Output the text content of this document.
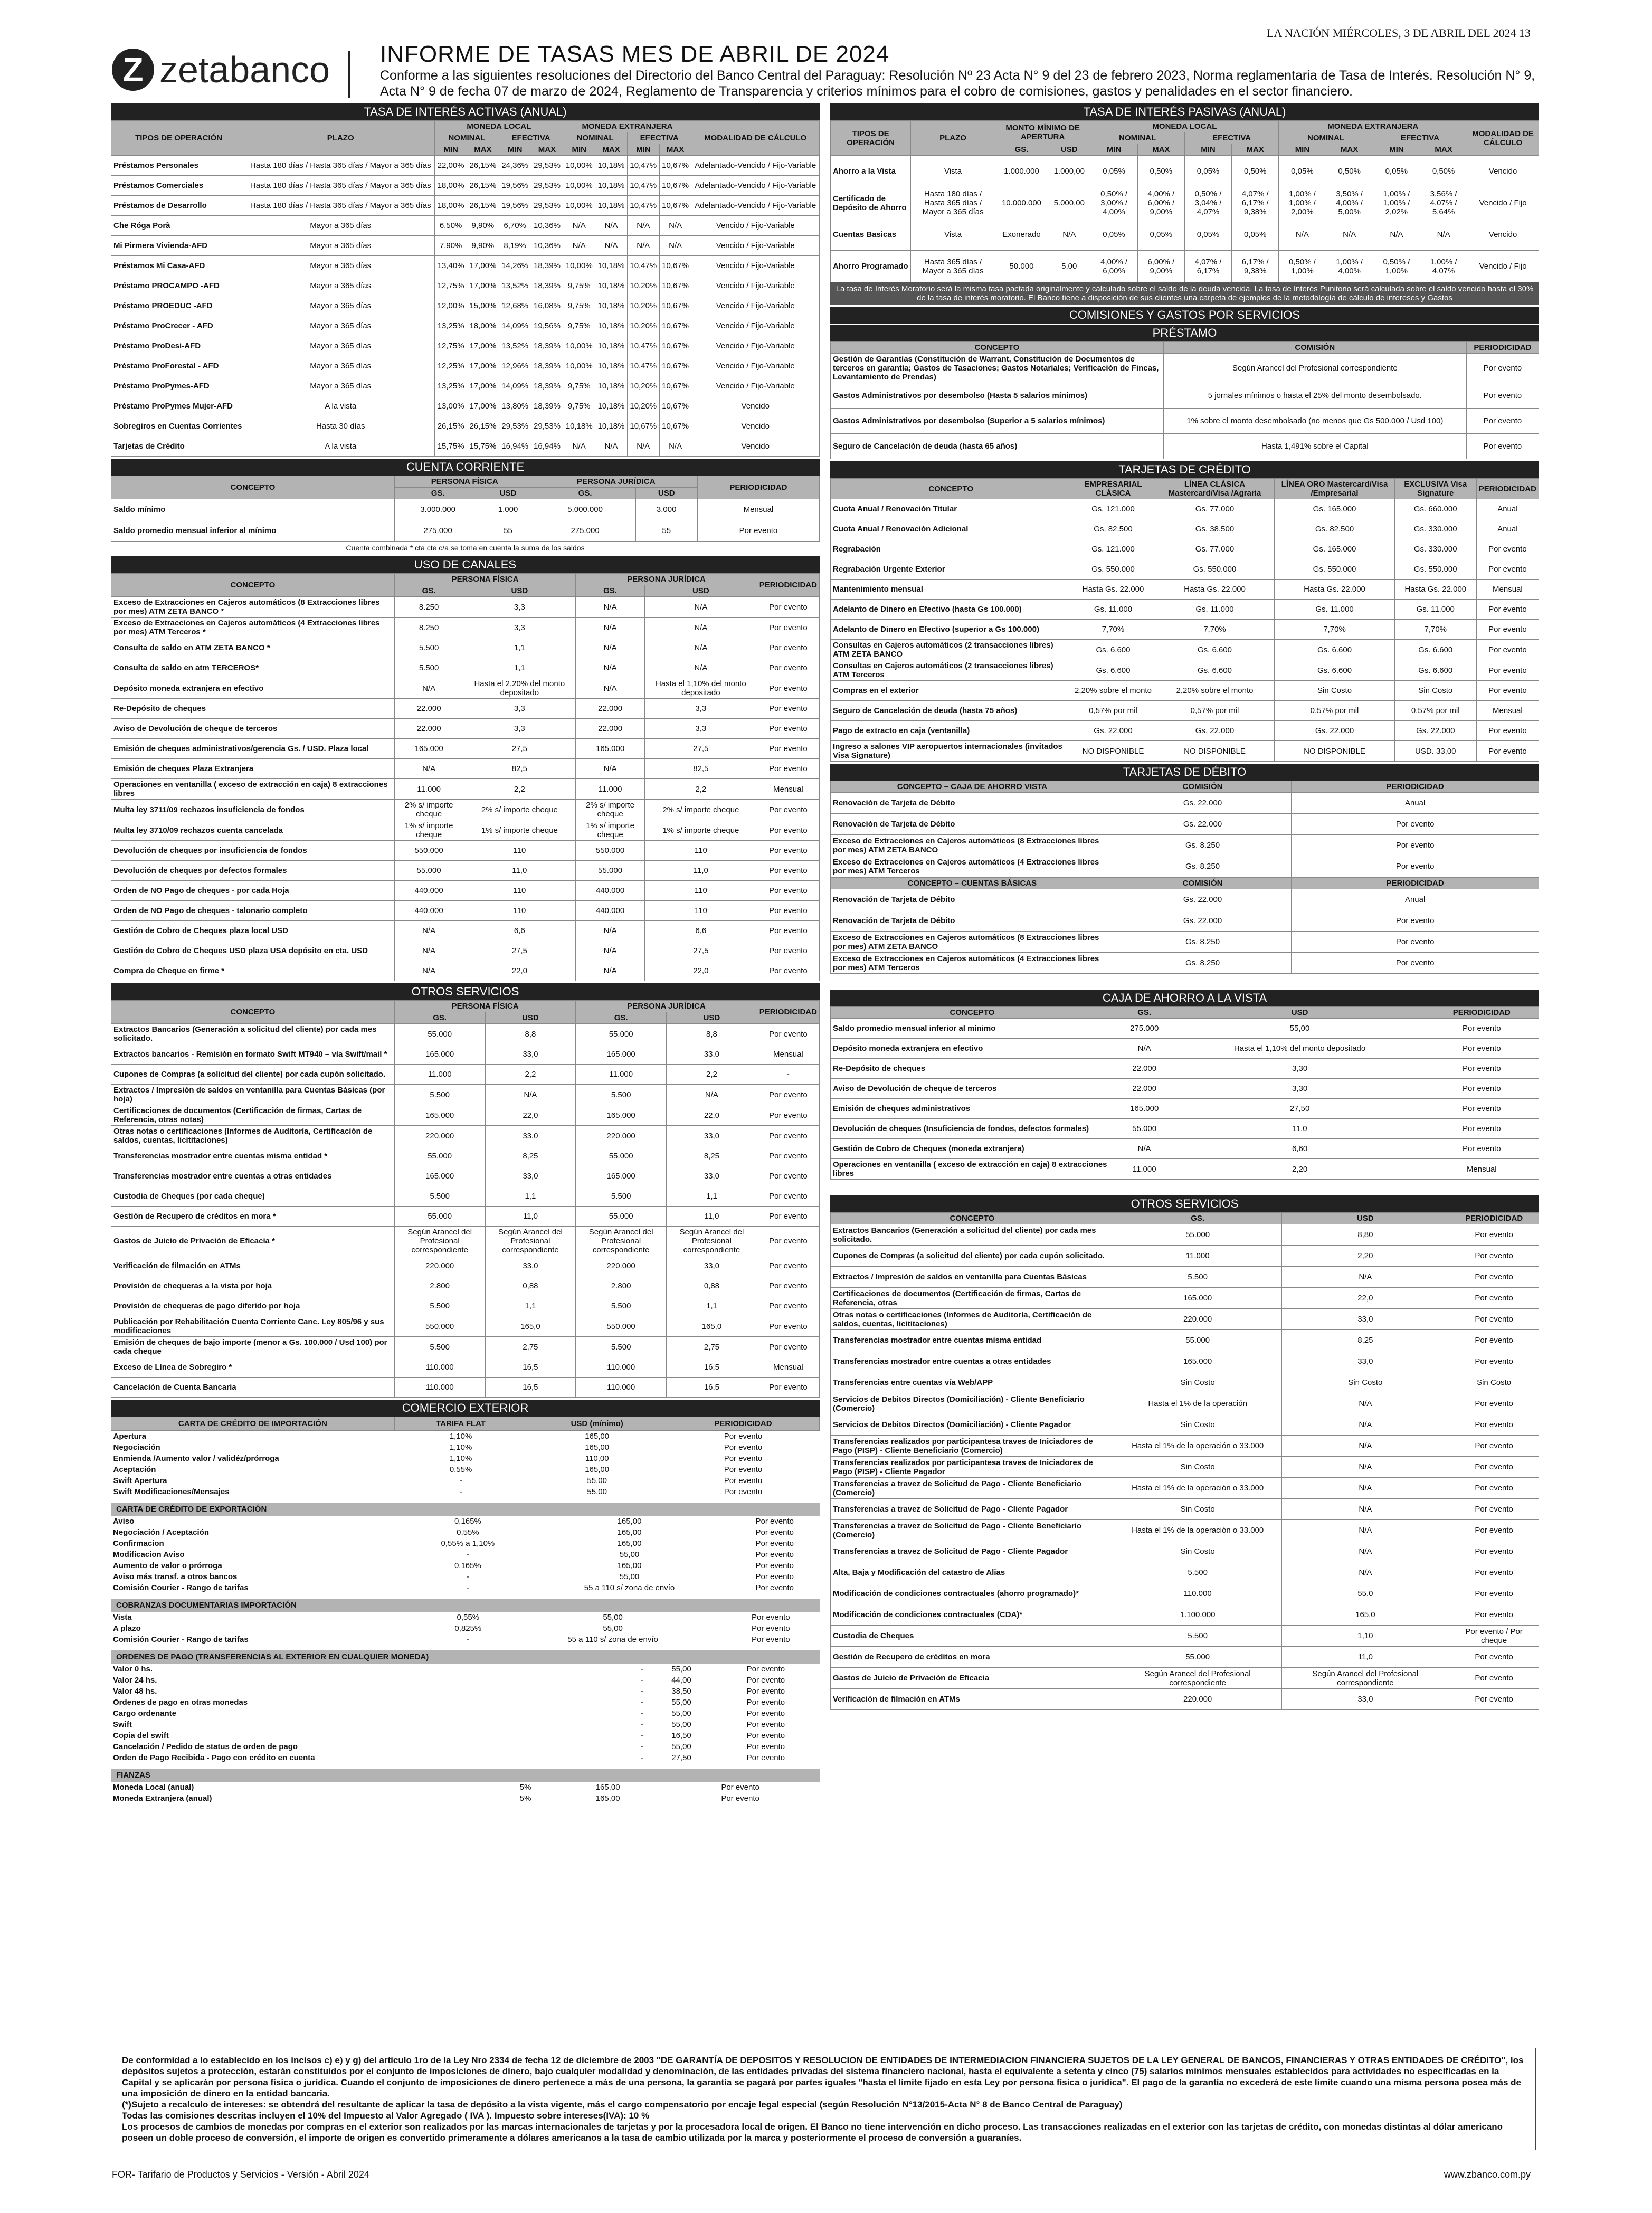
LA NACIÓN MIÉRCOLES, 3 DE ABRIL DEL 2024 13
Z zetabanco INFORME DE TASAS MES DE ABRIL DE 2024
Conforme a las siguientes resoluciones del Directorio del Banco Central del Paraguay: Resolución Nº 23 Acta N° 9 del 23 de febrero 2023, Norma reglamentaria de Tasa de Interés. Resolución N° 9, Acta N° 9 de fecha 07 de marzo de 2024, Reglamento de Transparencia y criterios mínimos para el cobro de comisiones, gastos y penalidades en el sector financiero.
TASA DE INTERÉS ACTIVAS (ANUAL)
TIPOS DE OPERACIÓN	PLAZO	MONEDA LOCAL				MONEDA EXTRANJERA				MODALIDAD DE CÁLCULO
		NOMINAL		EFECTIVA		NOMINAL		EFECTIVA		
		MIN	MAX	MIN	MAX	MIN	MAX	MIN	MAX	
Préstamos Personales	Hasta 180 días / Hasta 365 días / Mayor a 365 días	22,00%	26,15%	24,36%	29,53%	10,00%	10,18%	10,47%	10,67%	Adelantado-Vencido / Fijo-Variable
Préstamos Comerciales	Hasta 180 días / Hasta 365 días / Mayor a 365 días	18,00%	26,15%	19,56%	29,53%	10,00%	10,18%	10,47%	10,67%	Adelantado-Vencido / Fijo-Variable
Préstamos de Desarrollo	Hasta 180 días / Hasta 365 días / Mayor a 365 días	18,00%	26,15%	19,56%	29,53%	10,00%	10,18%	10,47%	10,67%	Adelantado-Vencido / Fijo-Variable
Che Róga Porã	Mayor a 365 días	6,50%	9,90%	6,70%	10,36%	N/A	N/A	N/A	N/A	Vencido / Fijo-Variable
Mi Pirmera Vivienda-AFD	Mayor a 365 días	7,90%	9,90%	8,19%	10,36%	N/A	N/A	N/A	N/A	Vencido / Fijo-Variable
Préstamos Mi Casa-AFD	Mayor a 365 días	13,40%	17,00%	14,26%	18,39%	10,00%	10,18%	10,47%	10,67%	Vencido / Fijo-Variable
Préstamo PROCAMPO -AFD	Mayor a 365 días	12,75%	17,00%	13,52%	18,39%	9,75%	10,18%	10,20%	10,67%	Vencido / Fijo-Variable
Préstamo PROEDUC -AFD	Mayor a 365 días	12,00%	15,00%	12,68%	16,08%	9,75%	10,18%	10,20%	10,67%	Vencido / Fijo-Variable
Préstamo ProCrecer - AFD	Mayor a 365 días	13,25%	18,00%	14,09%	19,56%	9,75%	10,18%	10,20%	10,67%	Vencido / Fijo-Variable
Préstamo ProDesi-AFD	Mayor a 365 días	12,75%	17,00%	13,52%	18,39%	10,00%	10,18%	10,47%	10,67%	Vencido / Fijo-Variable
Préstamo ProForestal - AFD	Mayor a 365 días	12,25%	17,00%	12,96%	18,39%	10,00%	10,18%	10,47%	10,67%	Vencido / Fijo-Variable
Préstamo ProPymes-AFD	Mayor a 365 días	13,25%	17,00%	14,09%	18,39%	9,75%	10,18%	10,20%	10,67%	Vencido / Fijo-Variable
Préstamo ProPymes Mujer-AFD	A la vista	13,00%	17,00%	13,80%	18,39%	9,75%	10,18%	10,20%	10,67%	Vencido
Sobregiros en Cuentas Corrientes	Hasta 30 días	26,15%	26,15%	29,53%	29,53%	10,18%	10,18%	10,67%	10,67%	Vencido
Tarjetas de Crédito	A la vista	15,75%	15,75%	16,94%	16,94%	N/A	N/A	N/A	N/A	Vencido
CUENTA CORRIENTE
CONCEPTO	PERSONA FÍSICA		PERSONA JURÍDICA		PERIODICIDAD
	GS.	USD	GS.	USD	
Saldo mínimo	3.000.000	1.000	5.000.000	3.000	Mensual
Saldo promedio mensual inferior al mínimo	275.000	55	275.000	55	Por evento
Cuenta combinada * cta cte c/a se toma en cuenta la suma de los saldos
USO DE CANALES
CONCEPTO	PERSONA FÍSICA		PERSONA JURÍDICA		PERIODICIDAD
	GS.	USD	GS.	USD	
Exceso de Extracciones en Cajeros automáticos (8 Extracciones libres por mes) ATM ZETA BANCO *	8.250	3,3	N/A	N/A	Por evento
Exceso de Extracciones en Cajeros automáticos (4 Extracciones libres por mes) ATM Terceros *	8.250	3,3	N/A	N/A	Por evento
Consulta de saldo en ATM ZETA BANCO *	5.500	1,1	N/A	N/A	Por evento
Consulta de saldo en atm TERCEROS*	5.500	1,1	N/A	N/A	Por evento
Depósito moneda extranjera en efectivo	N/A	Hasta el 2,20% del monto depositado	N/A	Hasta el 1,10% del monto depositado	Por evento
Re-Depósito de cheques	22.000	3,3	22.000	3,3	Por evento
Aviso de Devolución de cheque de terceros	22.000	3,3	22.000	3,3	Por evento
Emisión de cheques administrativos/gerencia Gs. / USD. Plaza local	165.000	27,5	165.000	27,5	Por evento
Emisión de cheques Plaza Extranjera	N/A	82,5	N/A	82,5	Por evento
Operaciones en ventanilla ( exceso de extracción en caja) 8 extracciones libres	11.000	2,2	11.000	2,2	Mensual
Multa ley 3711/09 rechazos insuficiencia de fondos	2% s/ importe cheque	2% s/ importe cheque	2% s/ importe cheque	2% s/ importe cheque	Por evento
Multa ley 3710/09 rechazos cuenta cancelada	1% s/ importe cheque	1% s/ importe cheque	1% s/ importe cheque	1% s/ importe cheque	Por evento
Devolución de cheques por insuficiencia de fondos	550.000	110	550.000	110	Por evento
Devolución de cheques por defectos formales	55.000	11,0	55.000	11,0	Por evento
Orden de NO Pago de cheques - por cada Hoja	440.000	110	440.000	110	Por evento
Orden de NO Pago de cheques - talonario completo	440.000	110	440.000	110	Por evento
Gestión de Cobro de Cheques plaza local USD	N/A	6,6	N/A	6,6	Por evento
Gestión de Cobro de Cheques USD plaza USA depósito en cta. USD	N/A	27,5	N/A	27,5	Por evento
Compra de Cheque en firme *	N/A	22,0	N/A	22,0	Por evento
OTROS SERVICIOS
CONCEPTO	PERSONA FÍSICA		PERSONA JURÍDICA		PERIODICIDAD
	GS.	USD	GS.	USD	
Extractos Bancarios (Generación a solicitud del cliente) por cada mes solicitado.	55.000	8,8	55.000	8,8	Por evento
Extractos bancarios - Remisión en formato Swift MT940 – vía Swift/mail *	165.000	33,0	165.000	33,0	Mensual
Cupones de Compras (a solicitud del cliente) por cada cupón solicitado.	11.000	2,2	11.000	2,2	-
Extractos / Impresión de saldos en ventanilla para Cuentas Básicas (por hoja)	5.500	N/A	5.500	N/A	Por evento
Certificaciones de documentos (Certificación de firmas, Cartas de Referencia, otras notas)	165.000	22,0	165.000	22,0	Por evento
Otras notas o certificaciones (Informes de Auditoría, Certificación de saldos, cuentas, licititaciones)	220.000	33,0	220.000	33,0	Por evento
Transferencias mostrador entre cuentas misma entidad *	55.000	8,25	55.000	8,25	Por evento
Transferencias mostrador entre cuentas a otras entidades	165.000	33,0	165.000	33,0	Por evento
Custodia de Cheques (por cada cheque)	5.500	1,1	5.500	1,1	Por evento
Gestión de Recupero de créditos en mora *	55.000	11,0	55.000	11,0	Por evento
Gastos de Juicio de Privación de Eficacia *	Según Arancel del Profesional correspondiente	Según Arancel del Profesional correspondiente	Según Arancel del Profesional correspondiente	Según Arancel del Profesional correspondiente	Por evento
Verificación de filmación en ATMs	220.000	33,0	220.000	33,0	Por evento
Provisión de chequeras a la vista por hoja	2.800	0,88	2.800	0,88	Por evento
Provisión de chequeras de pago diferido por hoja	5.500	1,1	5.500	1,1	Por evento
Publicación por Rehabilitación Cuenta Corriente Canc. Ley 805/96 y sus modificaciones	550.000	165,0	550.000	165,0	Por evento
Emisión de cheques de bajo importe (menor a Gs. 100.000 / Usd 100) por cada cheque	5.500	2,75	5.500	2,75	Por evento
Exceso de Línea de Sobregiro *	110.000	16,5	110.000	16,5	Mensual
Cancelación de Cuenta Bancaria	110.000	16,5	110.000	16,5	Por evento
COMERCIO EXTERIOR
CARTA DE CRÉDITO DE IMPORTACIÓN	TARIFA FLAT	USD (mínimo)	PERIODICIDAD
Apertura	1,10%	165,00	Por evento
Negociación	1,10%	165,00	Por evento
Enmienda /Aumento valor / validéz/prórroga	1,10%	110,00	Por evento
Aceptación	0,55%	165,00	Por evento
Swift Apertura	-	55,00	Por evento
Swift Modificaciones/Mensajes	-	55,00	Por evento
CARTA DE CRÉDITO DE EXPORTACIÓN
Aviso	0,165%	165,00	Por evento
Negociación / Aceptación	0,55%	165,00	Por evento
Confirmacion	0,55% a 1,10%	165,00	Por evento
Modificacion Aviso	-	55,00	Por evento
Aumento de valor o prórroga	0,165%	165,00	Por evento
Aviso más transf. a otros bancos	-	55,00	Por evento
Comisión Courier - Rango de tarifas	-	55 a 110 s/ zona de envío	Por evento
COBRANZAS DOCUMENTARIAS IMPORTACIÓN
Vista	0,55%	55,00	Por evento
A plazo	0,825%	55,00	Por evento
Comisión Courier - Rango de tarifas	-	55 a 110 s/ zona de envío	Por evento
ORDENES DE PAGO (TRANSFERENCIAS AL EXTERIOR EN CUALQUIER MONEDA)
Valor 0 hs.	-	55,00	Por evento
Valor 24 hs.	-	44,00	Por evento
Valor 48 hs.	-	38,50	Por evento
Ordenes de pago en otras monedas	-	55,00	Por evento
Cargo ordenante	-	55,00	Por evento
Swift	-	55,00	Por evento
Copia del swift	-	16,50	Por evento
Cancelación / Pedido de status de orden de pago	-	55,00	Por evento
Orden de Pago Recibida - Pago con crédito en cuenta	-	27,50	Por evento
FIANZAS
Moneda Local (anual)	5%	165,00	Por evento
Moneda Extranjera (anual)	5%	165,00	Por evento
TASA DE INTERÉS PASIVAS (ANUAL)
TIPOS DE OPERACIÓN	PLAZO	MONTO MÍNIMO DE APERTURA		MONEDA LOCAL				MONEDA EXTRANJERA				MODALIDAD DE CÁLCULO
				NOMINAL		EFECTIVA		NOMINAL		EFECTIVA		
		GS.	USD	MIN	MAX	MIN	MAX	MIN	MAX	MIN	MAX	
Ahorro a la Vista	Vista	1.000.000	1.000,00	0,05%	0,50%	0,05%	0,50%	0,05%	0,50%	0,05%	0,50%	Vencido
Certificado de Depósito de Ahorro	Hasta 180 días / Hasta 365 días / Mayor a 365 días	10.000.000	5.000,00	0,50% / 3,00% / 4,00%	4,00% / 6,00% / 9,00%	0,50% / 3,04% / 4,07%	4,07% / 6,17% / 9,38%	1,00% / 1,00% / 2,00%	3,50% / 4,00% / 5,00%	1,00% / 1,00% / 2,02%	3,56% / 4,07% / 5,64%	Vencido / Fijo
Cuentas Basicas	Vista	Exonerado	N/A	0,05%	0,05%	0,05%	0,05%	N/A	N/A	N/A	N/A	Vencido
Ahorro Programado	Hasta 365 días / Mayor a 365 días	50.000	5,00	4,00% / 6,00%	6,00% / 9,00%	4,07% / 6,17%	6,17% / 9,38%	0,50% / 1,00%	1,00% / 4,00%	0,50% / 1,00%	1,00% / 4,07%	Vencido / Fijo
La tasa de Interés Moratorio será la misma tasa pactada originalmente y calculado sobre el saldo de la deuda vencida. La tasa de Interés Punitorio será calculada sobre el saldo vencido hasta el 30% de la tasa de interés moratorio. El Banco tiene a disposición de sus clientes una carpeta de ejemplos de la metodología de cálculo de intereses y Gastos
COMISIONES Y GASTOS POR SERVICIOS
PRÉSTAMO
CONCEPTO	COMISIÓN	PERIODICIDAD
Gestión de Garantías (Constitución de Warrant, Constitución de Documentos de terceros en garantía; Gastos de Tasaciones; Gastos Notariales; Verificación de Fincas, Levantamiento de Prendas)	Según Arancel del Profesional correspondiente	Por evento
Gastos Administrativos por desembolso (Hasta 5 salarios mínimos)	5 jornales mínimos o hasta el 25% del monto desembolsado.	Por evento
Gastos Administrativos por desembolso (Superior a 5 salarios mínimos)	1% sobre el monto desembolsado (no menos que Gs 500.000 / Usd 100)	Por evento
Seguro de Cancelación de deuda (hasta 65 años)	Hasta 1,491% sobre el Capital	Por evento
TARJETAS DE CRÉDITO
CONCEPTO	EMPRESARIAL CLÁSICA	LÍNEA CLÁSICA Mastercard/Visa /Agraria	LÍNEA ORO Mastercard/Visa /Empresarial	EXCLUSIVA Visa Signature	PERIODICIDAD
Cuota Anual / Renovación Titular	Gs. 121.000	Gs. 77.000	Gs. 165.000	Gs. 660.000	Anual
Cuota Anual / Renovación Adicional	Gs. 82.500	Gs. 38.500	Gs. 82.500	Gs. 330.000	Anual
Regrabación	Gs. 121.000	Gs. 77.000	Gs. 165.000	Gs. 330.000	Por evento
Regrabación Urgente Exterior	Gs. 550.000	Gs. 550.000	Gs. 550.000	Gs. 550.000	Por evento
Mantenimiento mensual	Hasta Gs. 22.000	Hasta Gs. 22.000	Hasta Gs. 22.000	Hasta Gs. 22.000	Mensual
Adelanto de Dinero en Efectivo (hasta Gs 100.000)	Gs. 11.000	Gs. 11.000	Gs. 11.000	Gs. 11.000	Por evento
Adelanto de Dinero en Efectivo (superior a Gs 100.000)	7,70%	7,70%	7,70%	7,70%	Por evento
Consultas en Cajeros automáticos (2 transacciones libres) ATM ZETA BANCO	Gs. 6.600	Gs. 6.600	Gs. 6.600	Gs. 6.600	Por evento
Consultas en Cajeros automáticos (2 transacciones libres) ATM Terceros	Gs. 6.600	Gs. 6.600	Gs. 6.600	Gs. 6.600	Por evento
Compras en el exterior	2,20% sobre el monto	2,20% sobre el monto	Sin Costo	Sin Costo	Por evento
Seguro de Cancelación de deuda (hasta 75 años)	0,57% por mil	0,57% por mil	0,57% por mil	0,57% por mil	Mensual
Pago de extracto en caja (ventanilla)	Gs. 22.000	Gs. 22.000	Gs. 22.000	Gs. 22.000	Por evento
Ingreso a salones VIP aeropuertos internacionales (invitados Visa Signature)	NO DISPONIBLE	NO DISPONIBLE	NO DISPONIBLE	USD. 33,00	Por evento
TARJETAS DE DÉBITO
CONCEPTO – CAJA DE AHORRO VISTA	COMISIÓN	PERIODICIDAD
Renovación de Tarjeta de Débito	Gs. 22.000	Anual
Renovación de Tarjeta de Débito	Gs. 22.000	Por evento
Exceso de Extracciones en Cajeros automáticos (8 Extracciones libres por mes) ATM ZETA BANCO	Gs. 8.250	Por evento
Exceso de Extracciones en Cajeros automáticos (4 Extracciones libres por mes) ATM Terceros	Gs. 8.250	Por evento
CONCEPTO – CUENTAS BÁSICAS	COMISIÓN	PERIODICIDAD
Renovación de Tarjeta de Débito	Gs. 22.000	Anual
Renovación de Tarjeta de Débito	Gs. 22.000	Por evento
Exceso de Extracciones en Cajeros automáticos (8 Extracciones libres por mes) ATM ZETA BANCO	Gs. 8.250	Por evento
Exceso de Extracciones en Cajeros automáticos (4 Extracciones libres por mes) ATM Terceros	Gs. 8.250	Por evento
CAJA DE AHORRO A LA VISTA
CONCEPTO	GS.	USD	PERIODICIDAD
Saldo promedio mensual inferior al mínimo	275.000	55,00	Por evento
Depósito moneda extranjera en efectivo	N/A	Hasta el 1,10% del monto depositado	Por evento
Re-Depósito de cheques	22.000	3,30	Por evento
Aviso de Devolución de cheque de terceros	22.000	3,30	Por evento
Emisión de cheques administrativos	165.000	27,50	Por evento
Devolución de cheques (Insuficiencia de fondos, defectos formales)	55.000	11,0	Por evento
Gestión de Cobro de Cheques (moneda extranjera)	N/A	6,60	Por evento
Operaciones en ventanilla ( exceso de extracción en caja) 8 extracciones libres	11.000	2,20	Mensual
OTROS SERVICIOS
CONCEPTO	GS.	USD	PERIODICIDAD
Extractos Bancarios (Generación a solicitud del cliente) por cada mes solicitado.	55.000	8,80	Por evento
Cupones de Compras (a solicitud del cliente) por cada cupón solicitado.	11.000	2,20	Por evento
Extractos / Impresión de saldos en ventanilla para Cuentas Básicas	5.500	N/A	Por evento
Certificaciones de documentos (Certificación de firmas, Cartas de Referencia, otras	165.000	22,0	Por evento
Otras notas o certificaciones (Informes de Auditoría, Certificación de saldos, cuentas, licititaciones)	220.000	33,0	Por evento
Transferencias mostrador entre cuentas misma entidad	55.000	8,25	Por evento
Transferencias mostrador entre cuentas a otras entidades	165.000	33,0	Por evento
Transferencias entre cuentas vía Web/APP	Sin Costo	Sin Costo	Sin Costo
Servicios de Debitos Directos (Domiciliación) - Cliente Beneficiario (Comercio)	Hasta el 1% de la operación	N/A	Por evento
Servicios de Debitos Directos (Domiciliación) - Cliente Pagador	Sin Costo	N/A	Por evento
Transferencias realizados por participantesa traves de Iniciadores de Pago (PISP) - Cliente Beneficiario (Comercio)	Hasta el 1% de la operación o 33.000	N/A	Por evento
Transferencias realizados por participantesa traves de Iniciadores de Pago (PISP) - Cliente Pagador	Sin Costo	N/A	Por evento
Transferencias a travez de Solicitud de Pago - Cliente Beneficiario (Comercio)	Hasta el 1% de la operación o 33.000	N/A	Por evento
Transferencias a travez de Solicitud de Pago - Cliente Pagador	Sin Costo	N/A	Por evento
Transferencias a travez de Solicitud de Pago - Cliente Beneficiario (Comercio)	Hasta el 1% de la operación o 33.000	N/A	Por evento
Transferencias a travez de Solicitud de Pago - Cliente Pagador	Sin Costo	N/A	Por evento
Alta, Baja y Modificación del catastro de Alias	5.500	N/A	Por evento
Modificación de condiciones contractuales (ahorro programado)*	110.000	55,0	Por evento
Modificación de condiciones contractuales (CDA)*	1.100.000	165,0	Por evento
Custodia de Cheques	5.500	1,10	Por evento / Por cheque
Gestión de Recupero de créditos en mora	55.000	11,0	Por evento
Gastos de Juicio de Privación de Eficacia	Según Arancel del Profesional correspondiente	Según Arancel del Profesional correspondiente	Por evento
Verificación de filmación en ATMs	220.000	33,0	Por evento

De conformidad a lo establecido en los incisos c) e) y g) del artículo 1ro de la Ley Nro 2334 de fecha 12 de diciembre de 2003 "DE GARANTÍA DE DEPOSITOS Y RESOLUCION DE ENTIDADES DE INTERMEDIACION FINANCIERA SUJETOS DE LA LEY GENERAL DE BANCOS, FINANCIERAS Y OTRAS ENTIDADES DE CRÉDITO", los depósitos sujetos a protección, estarán constituidos por el conjunto de imposiciones de dinero, bajo cualquier modalidad y denominación, de las entidades privadas del sistema financiero nacional, hasta el equivalente a setenta y cinco (75) salarios mínimos mensuales establecidos para actividades no especificadas en la Capital y se aplicarán por persona física o jurídica. Cuando el conjunto de imposiciones de dinero pertenece a más de una persona, la garantía se pagará por partes iguales "hasta el límite fijado en esta Ley por persona física o jurídica". El pago de la garantía no excederá de este límite cuando una misma persona posea más de una imposición de dinero en la entidad bancaria.

(*)Sujeto a recalculo de intereses: se obtendrá del resultante de aplicar la tasa de depósito a la vista vigente, más el cargo compensatorio por encaje legal especial (según Resolución N°13/2015-Acta N° 8 de Banco Central de Paraguay)

Todas las comisiones descritas incluyen el 10% del Impuesto al Valor Agregado ( IVA ). Impuesto sobre intereses(IVA): 10 %

Los procesos de cambios de monedas por compras en el exterior son realizados por las marcas internacionales de tarjetas y por la procesadora local de origen. El Banco no tiene intervención en dicho proceso. Las transacciones realizadas en el exterior con las tarjetas de crédito, con monedas distintas al dólar americano poseen un doble proceso de conversión, el importe de origen es convertido primeramente a dólares americanos a la tasa de cambio utilizada por la marca y posteriormente el proceso de conversión a guaraníes.

FOR- Tarifario de Productos y Servicios - Versión - Abril 2024	www.zbanco.com.py
